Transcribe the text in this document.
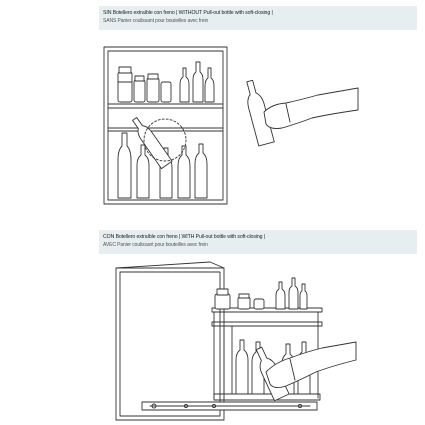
SIN Botellero extraíble con freno | WITHOUT Pull-out bottle with soft-closing |
SANS Panier coulissant pour bouteilles avec frein
CON Botellero extraíble con freno | WITH Pull-out bottle with soft-closing |
AVEC Panier coulissant pour bouteilles avec frein
